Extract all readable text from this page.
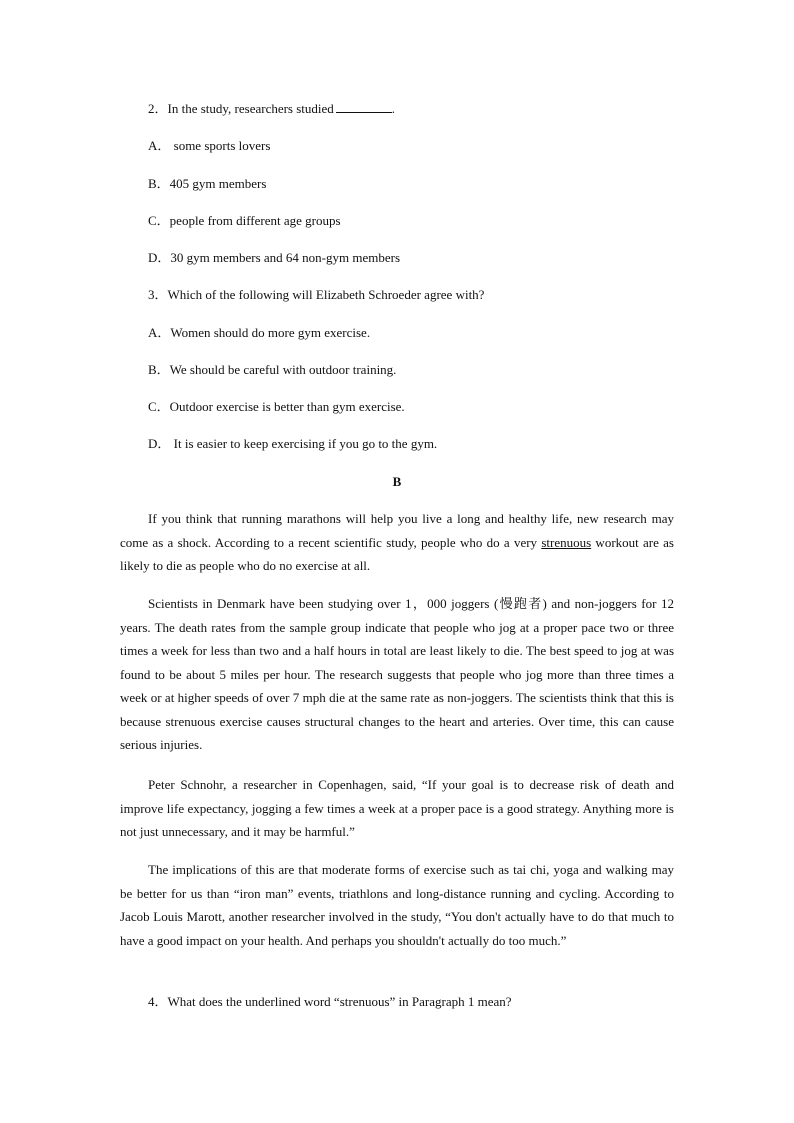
2．In the study, researchers studied	.
A． some sports lovers
B．405 gym members
C．people from different age groups
D．30 gym members and 64 non-gym members
3．Which of the following will Elizabeth Schroeder agree with?
A．Women should do more gym exercise.
B．We should be careful with outdoor training.
C．Outdoor exercise is better than gym exercise.
D． It is easier to keep exercising if you go to the gym.
B
If you think that running marathons will help you live a long and healthy life, new research may come as a shock. According to a recent scientific study, people who do a very strenuous workout are as likely to die as people who do no exercise at all.
Scientists in Denmark have been studying over 1，000 joggers (慢跑者) and non-joggers for 12 years. The death rates from the sample group indicate that people who jog at a proper pace two or three times a week for less than two and a half hours in total are least likely to die. The best speed to jog at was found to be about 5 miles per hour. The research suggests that people who jog more than three times a week or at higher speeds of over 7 mph die at the same rate as non-joggers. The scientists think that this is because strenuous exercise causes structural changes to the heart and arteries. Over time, this can cause serious injuries.
Peter Schnohr, a researcher in Copenhagen, said, “If your goal is to decrease risk of death and improve life expectancy, jogging a few times a week at a proper pace is a good strategy. Anything more is not just unnecessary, and it may be harmful.”
The implications of this are that moderate forms of exercise such as tai chi, yoga and walking may be better for us than “iron man” events, triathlons and long-distance running and cycling. According to Jacob Louis Marott, another researcher involved in the study, “You don't actually have to do that much to have a good impact on your health. And perhaps you shouldn't actually do too much.”
4．What does the underlined word “strenuous” in Paragraph 1 mean?
